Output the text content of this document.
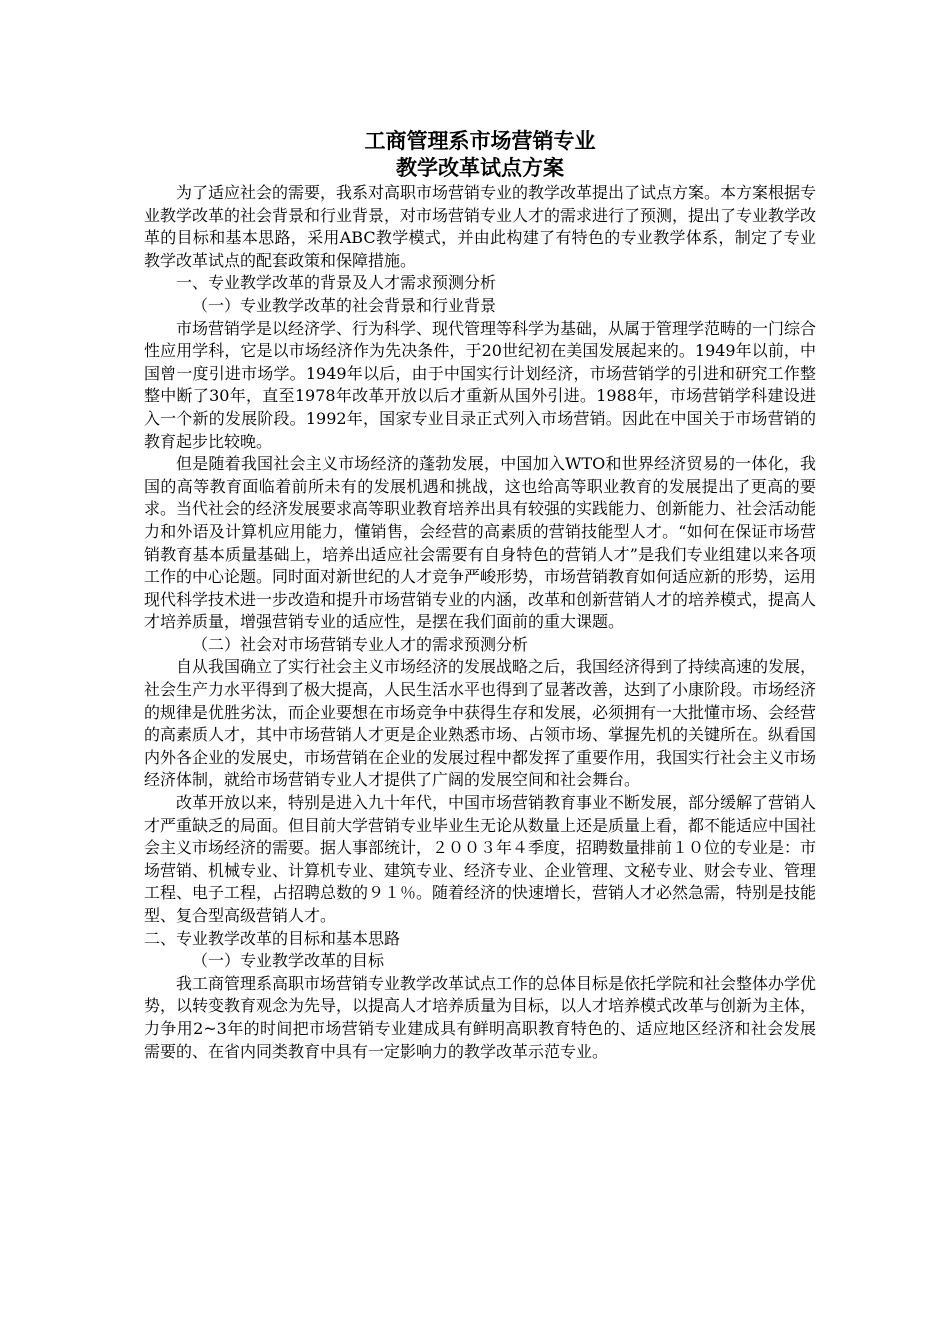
工商管理系市场营销专业

教学改革试点方案

为了适应社会的需要，我系对高职市场营销专业的教学改革提出了试点方案。本方案根据专业教学改革的社会背景和行业背景，对市场营销专业人才的需求进行了预测，提出了专业教学改革的目标和基本思路，采用ABC教学模式，并由此构建了有特色的专业教学体系，制定了专业教学改革试点的配套政策和保障措施。

一、专业教学改革的背景及人才需求预测分析

（一）专业教学改革的社会背景和行业背景

市场营销学是以经济学、行为科学、现代管理等科学为基础，从属于管理学范畴的一门综合性应用学科，它是以市场经济作为先决条件，于20世纪初在美国发展起来的。1949年以前，中国曾一度引进市场学。1949年以后，由于中国实行计划经济，市场营销学的引进和研究工作整整中断了30年，直至1978年改革开放以后才重新从国外引进。1988年，市场营销学科建设进入一个新的发展阶段。1992年，国家专业目录正式列入市场营销。因此在中国关于市场营销的教育起步比较晚。

但是随着我国社会主义市场经济的蓬勃发展，中国加入WTO和世界经济贸易的一体化，我国的高等教育面临着前所未有的发展机遇和挑战，这也给高等职业教育的发展提出了更高的要求。当代社会的经济发展要求高等职业教育培养出具有较强的实践能力、创新能力、社会活动能力和外语及计算机应用能力，懂销售，会经营的高素质的营销技能型人才。“如何在保证市场营销教育基本质量基础上，培养出适应社会需要有自身特色的营销人才”是我们专业组建以来各项工作的中心论题。同时面对新世纪的人才竞争严峻形势，市场营销教育如何适应新的形势，运用现代科学技术进一步改造和提升市场营销专业的内涵，改革和创新营销人才的培养模式，提高人才培养质量，增强营销专业的适应性，是摆在我们面前的重大课题。

（二）社会对市场营销专业人才的需求预测分析

自从我国确立了实行社会主义市场经济的发展战略之后，我国经济得到了持续高速的发展，社会生产力水平得到了极大提高，人民生活水平也得到了显著改善，达到了小康阶段。市场经济的规律是优胜劣汰，而企业要想在市场竞争中获得生存和发展，必须拥有一大批懂市场、会经营的高素质人才，其中市场营销人才更是企业熟悉市场、占领市场、掌握先机的关键所在。纵看国内外各企业的发展史，市场营销在企业的发展过程中都发挥了重要作用，我国实行社会主义市场经济体制，就给市场营销专业人才提供了广阔的发展空间和社会舞台。

改革开放以来，特别是进入九十年代，中国市场营销教育事业不断发展，部分缓解了营销人才严重缺乏的局面。但目前大学营销专业毕业生无论从数量上还是质量上看，都不能适应中国社会主义市场经济的需要。据人事部统计，２００３年４季度，招聘数量排前１０位的专业是：市场营销、机械专业、计算机专业、建筑专业、经济专业、企业管理、文秘专业、财会专业、管理工程、电子工程，占招聘总数的９１％。随着经济的快速增长，营销人才必然急需，特别是技能型、复合型高级营销人才。

二、专业教学改革的目标和基本思路

（一）专业教学改革的目标

我工商管理系高职市场营销专业教学改革试点工作的总体目标是依托学院和社会整体办学优势，以转变教育观念为先导，以提高人才培养质量为目标，以人才培养模式改革与创新为主体，力争用2~3年的时间把市场营销专业建成具有鲜明高职教育特色的、适应地区经济和社会发展需要的、在省内同类教育中具有一定影响力的教学改革示范专业。
